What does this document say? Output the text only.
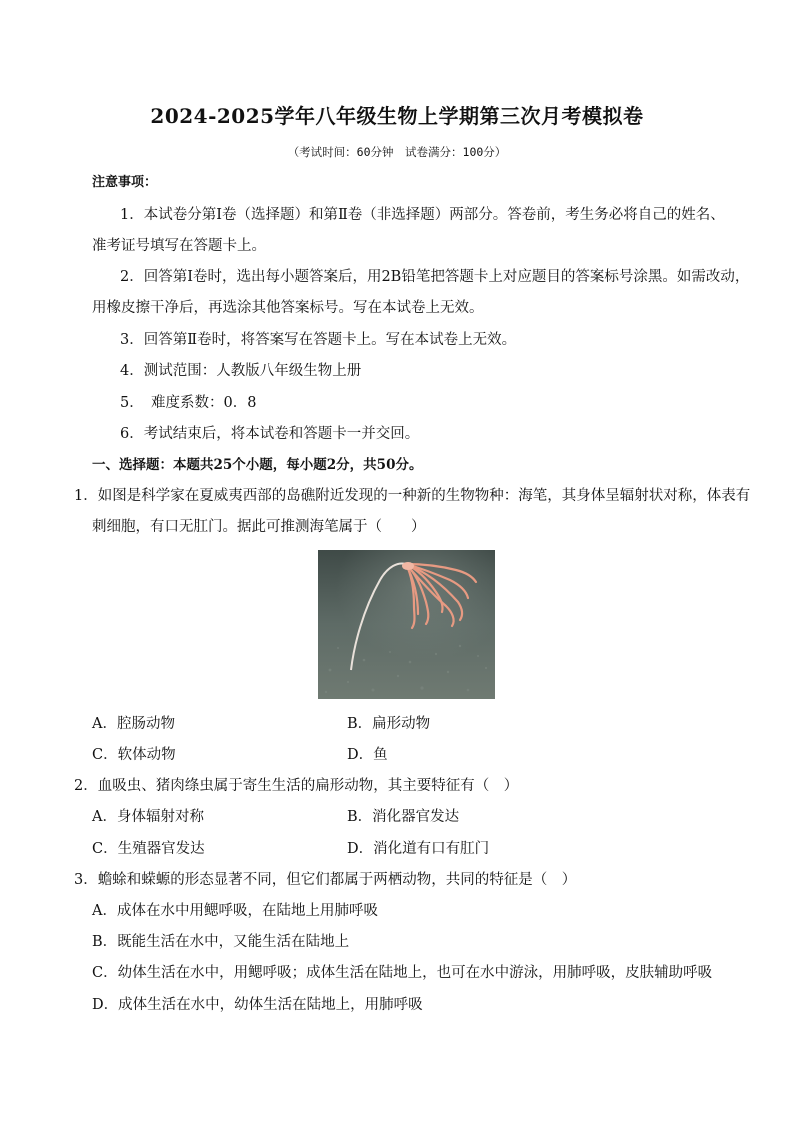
2024-2025学年八年级生物上学期第三次月考模拟卷
（考试时间：60分钟　试卷满分：100分）
注意事项：
1．本试卷分第Ⅰ卷（选择题）和第Ⅱ卷（非选择题）两部分。答卷前，考生务必将自己的姓名、
准考证号填写在答题卡上。
2．回答第Ⅰ卷时，选出每小题答案后，用2B铅笔把答题卡上对应题目的答案标号涂黑。如需改动，
用橡皮擦干净后，再选涂其他答案标号。写在本试卷上无效。
3．回答第Ⅱ卷时，将答案写在答题卡上。写在本试卷上无效。
4．测试范围：人教版八年级生物上册
5．　难度系数：0．8
6．考试结束后，将本试卷和答题卡一并交回。
一、选择题：本题共25个小题，每小题2分，共50分。
1．如图是科学家在夏威夷西部的岛礁附近发现的一种新的生物物种：海笔，其身体呈辐射状对称，体表有
刺细胞，有口无肛门。据此可推测海笔属于（　　）
A．腔肠动物	B．扁形动物
C．软体动物	D．鱼
2．血吸虫、猪肉绦虫属于寄生生活的扁形动物，其主要特征有（　）
A．身体辐射对称	B．消化器官发达
C．生殖器官发达	D．消化道有口有肛门
3．蟾蜍和蝾螈的形态显著不同，但它们都属于两栖动物，共同的特征是（　）
A．成体在水中用鳃呼吸，在陆地上用肺呼吸
B．既能生活在水中，又能生活在陆地上
C．幼体生活在水中，用鳃呼吸；成体生活在陆地上，也可在水中游泳，用肺呼吸，皮肤辅助呼吸
D．成体生活在水中，幼体生活在陆地上，用肺呼吸
